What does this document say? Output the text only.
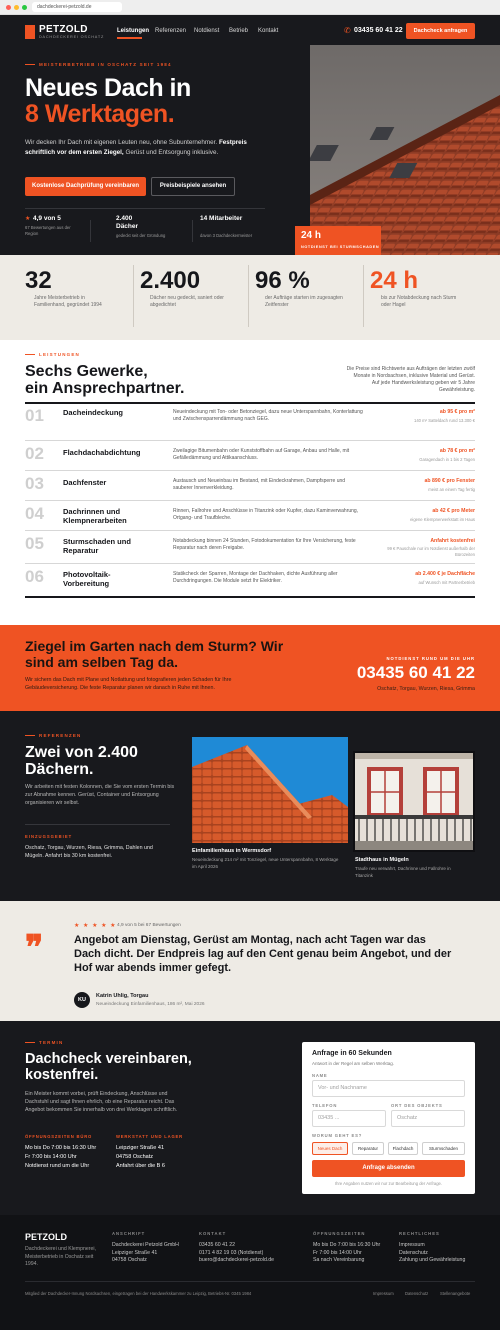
dachdeckerei-petzold.de
PETZOLD
DACHDECKEREI OSCHATZ
Leistungen Referenzen Notdienst Betrieb Kontakt	✆ 03435 60 41 22	Dachcheck anfragen
MEISTERBETRIEB IN OSCHATZ SEIT 1984
Neues Dach in
8 Werktagen.
Wir decken Ihr Dach mit eigenen Leuten neu, ohne Subunternehmer. Festpreis schriftlich vor dem ersten Ziegel, Gerüst und Entsorgung inklusive.
Kostenlose Dachprüfung vereinbaren	Preisbeispiele ansehen
★ 4,9 von 5
67 Bewertungen aus der Region
2.400 Dächer
gedeckt seit der Gründung
14 Mitarbeiter
davon 3 Dachdeckermeister	24 h
NOTDIENST BEI STURMSCHADEN
32
Jahre Meisterbetrieb in Familienhand, gegründet 1994
2.400
Dächer neu gedeckt, saniert oder abgedichtet
96 %
der Aufträge starten im zugesagten Zeitfenster
24 h
bis zur Notabdeckung nach Sturm oder Hagel
LEISTUNGEN
Sechs Gewerke,
ein Ansprechpartner.
Die Preise sind Richtwerte aus Aufträgen der letzten zwölf Monate in Nordsachsen, inklusive Material und Gerüst. Auf jede Handwerksleistung geben wir 5 Jahre Gewährleistung.
01	Dacheindeckung	Neueindeckung mit Ton- oder Betonziegel, dazu neue Unterspannbahn, Konterlattung und Zwischensparrendämmung nach GEG.
ab 95 € pro m²
140 m² Satteldach rund 13.300 €
02	Flachdachabdichtung	Zweilagige Bitumenbahn oder Kunststoffbahn auf Garage, Anbau und Halle, mit Gefälledämmung und Attikaanschluss.
ab 78 € pro m²
Garagendach in 1 bis 2 Tagen
03	Dachfenster	Austausch und Neueinbau im Bestand, mit Eindeckrahmen, Dampfsperre und sauberer Innenverkleidung.
ab 890 € pro Fenster
meist an einem Tag fertig
04	Dachrinnen und Klempnerarbeiten
Rinnen, Fallrohre und Anschlüsse in Titanzink oder Kupfer, dazu Kaminverwahrung, Ortgang- und Traufbleche.
ab 42 € pro Meter
eigene Klempnerwerkstatt im Haus
05	Sturmschaden und Reparatur
Notabdeckung binnen 24 Stunden, Fotodokumentation für Ihre Versicherung, feste Reparatur nach deren Freigabe.
Anfahrt kostenfrei
99 € Pauschale nur im Notdienst außerhalb der Bürozeiten
06	Photovoltaik-Vorbereitung
Statikcheck der Sparren, Montage der Dachhaken, dichte Ausführung aller Durchdringungen. Die Module setzt Ihr Elektriker.
ab 2.400 € je Dachfläche
auf Wunsch mit Partnerbetrieb
Ziegel im Garten nach dem Sturm? Wir
sind am selben Tag da.
Wir sichern das Dach mit Plane und Notlattung und fotografieren jeden Schaden für Ihre Gebäudeversicherung. Die feste Reparatur planen wir danach in Ruhe mit Ihnen.
NOTDIENST RUND UM DIE UHR
03435 60 41 22
Oschatz, Torgau, Wurzen, Riesa, Grimma
REFERENZEN
Zwei von 2.400
Dächern.
Wir arbeiten mit festen Kolonnen, die Sie vom ersten Termin bis zur Abnahme kennen. Gerüst, Container und Entsorgung organisieren wir selbst.
EINZUGSGEBIET
Oschatz, Torgau, Wurzen, Riesa, Grimma, Dahlen und Mügeln. Anfahrt bis 30 km kostenfrei.
Einfamilienhaus in Wermsdorf
Neueindeckung 214 m² mit Tonziegel, neue Unterspannbahn, 8 Werktage im April 2026
Stadthaus in Mügeln
Traufe neu verwahrt, Dachrinne und Fallrohre in Titanzink
❞
★ ★ ★ ★ ★ 4,9 von 5 bei 67 Bewertungen
Angebot am Dienstag, Gerüst am Montag, nach acht Tagen war das Dach dicht. Der Endpreis lag auf den Cent genau beim Angebot, und der Hof war abends immer gefegt.
KU
Katrin Uhlig, Torgau
Neueindeckung Einfamilienhaus, 186 m², Mai 2026
TERMIN
Dachcheck vereinbaren,
kostenfrei.
Ein Meister kommt vorbei, prüft Eindeckung, Anschlüsse und Dachstuhl und sagt Ihnen ehrlich, ob eine Reparatur reicht. Das Angebot bekommen Sie innerhalb von drei Werktagen schriftlich.
ÖFFNUNGSZEITEN BÜRO
Mo bis Do 7:00 bis 16:30 Uhr
Fr 7:00 bis 14:00 Uhr
Notdienst rund um die Uhr
WERKSTATT UND LAGER
Leipziger Straße 41
04758 Oschatz
Anfahrt über die B 6
Anfrage in 60 Sekunden
Antwort in der Regel am selben Werktag.
NAME
Vor- und Nachname
TELEFON
03435 ...
ORT DES OBJEKTS
Oschatz
WORUM GEHT ES?
Neues Dach	Reparatur	Flachdach	Sturmschaden
Anfrage absenden
Ihre Angaben nutzen wir nur zur Bearbeitung der Anfrage.
PETZOLD
Dachdeckerei und Klempnerei, Meisterbetrieb in Oschatz seit 1994.
ANSCHRIFT
Dachdeckerei Petzold GmbH
Leipziger Straße 41
04758 Oschatz
KONTAKT
03435 60 41 22
0171 4 82 19 03 (Notdienst)
buero@dachdeckerei-petzold.de
ÖFFNUNGSZEITEN
Mo bis Do 7:00 bis 16:30 Uhr
Fr 7:00 bis 14:00 Uhr
Sa nach Vereinbarung
RECHTLICHES
Impressum
Datenschutz
Zahlung und Gewährleistung
Mitglied der Dachdecker-Innung Nordsachsen, eingetragen bei der Handwerkskammer zu Leipzig, Betriebs-Nr. 0345 1984	Impressum	Datenschutz	Stellenangebote
